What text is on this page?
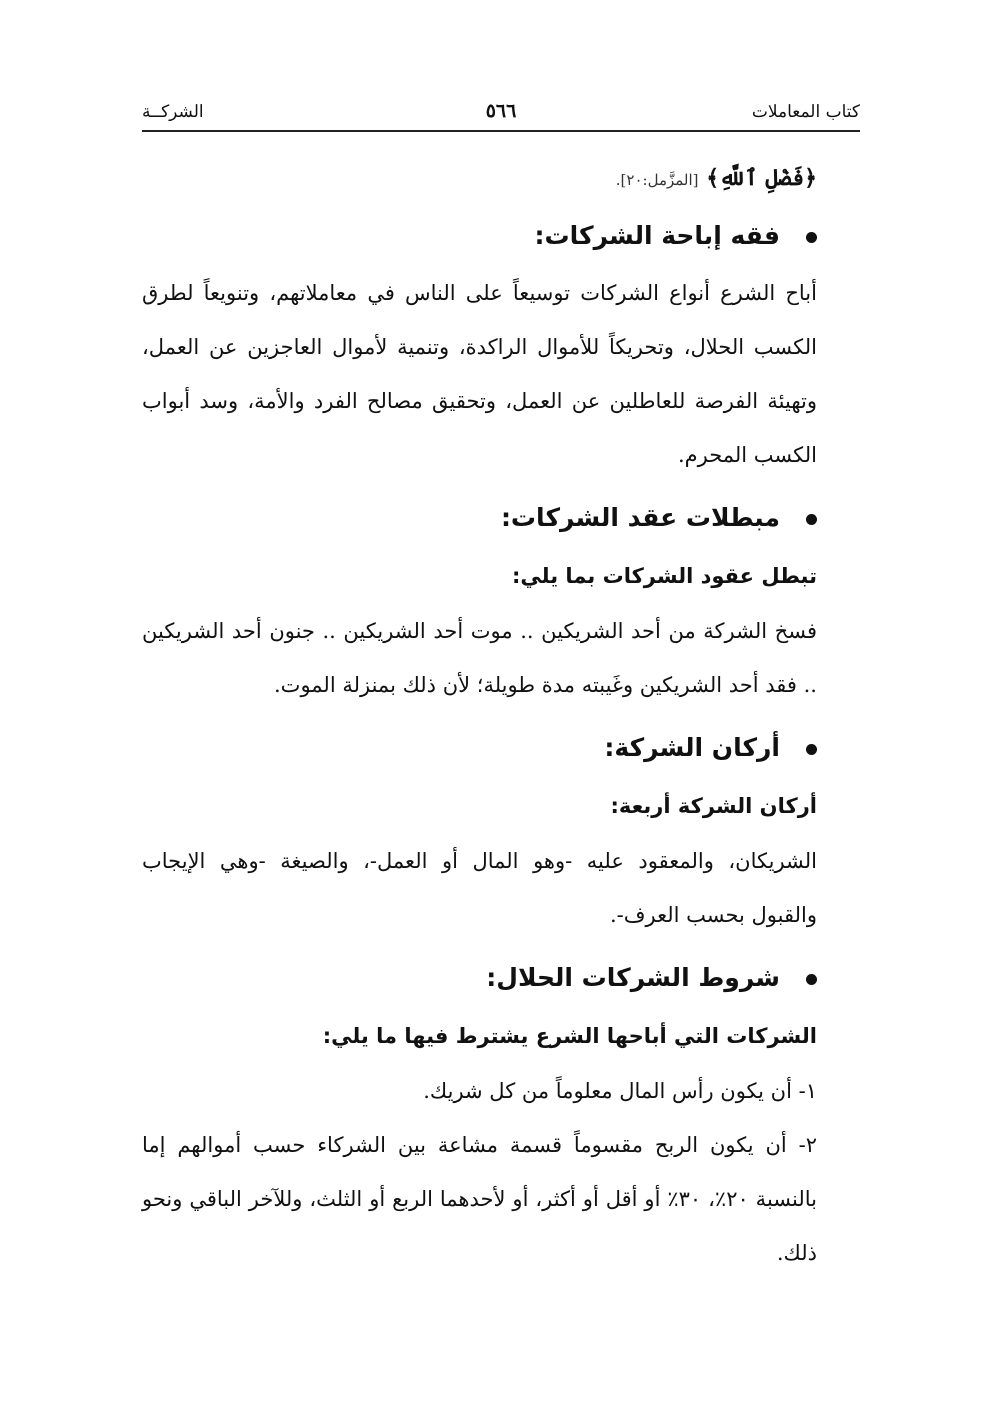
كتاب المعاملات
٥٦٦
الشركــة
﴿فَضْلِ ٱللَّهِ﴾ [المزَّمل:٢٠].
فقه إباحة الشركات:
أباح الشرع أنواع الشركات توسيعاً على الناس في معاملاتهم، وتنويعاً لطرق الكسب الحلال، وتحريكاً للأموال الراكدة، وتنمية لأموال العاجزين عن العمل، وتهيئة الفرصة للعاطلين عن العمل، وتحقيق مصالح الفرد والأمة، وسد أبواب الكسب المحرم.
مبطلات عقد الشركات:
تبطل عقود الشركات بما يلي:
فسخ الشركة من أحد الشريكين .. موت أحد الشريكين .. جنون أحد الشريكين .. فقد أحد الشريكين وغَيبته مدة طويلة؛ لأن ذلك بمنزلة الموت.
أركان الشركة:
أركان الشركة أربعة:
الشريكان، والمعقود عليه -وهو المال أو العمل-، والصيغة -وهي الإيجاب والقبول بحسب العرف-.
شروط الشركات الحلال:
الشركات التي أباحها الشرع يشترط فيها ما يلي:
١- أن يكون رأس المال معلوماً من كل شريك.
٢- أن يكون الربح مقسوماً قسمة مشاعة بين الشركاء حسب أموالهم إما بالنسبة ٢٠٪، ٣٠٪ أو أقل أو أكثر، أو لأحدهما الربع أو الثلث، وللآخر الباقي ونحو ذلك.
